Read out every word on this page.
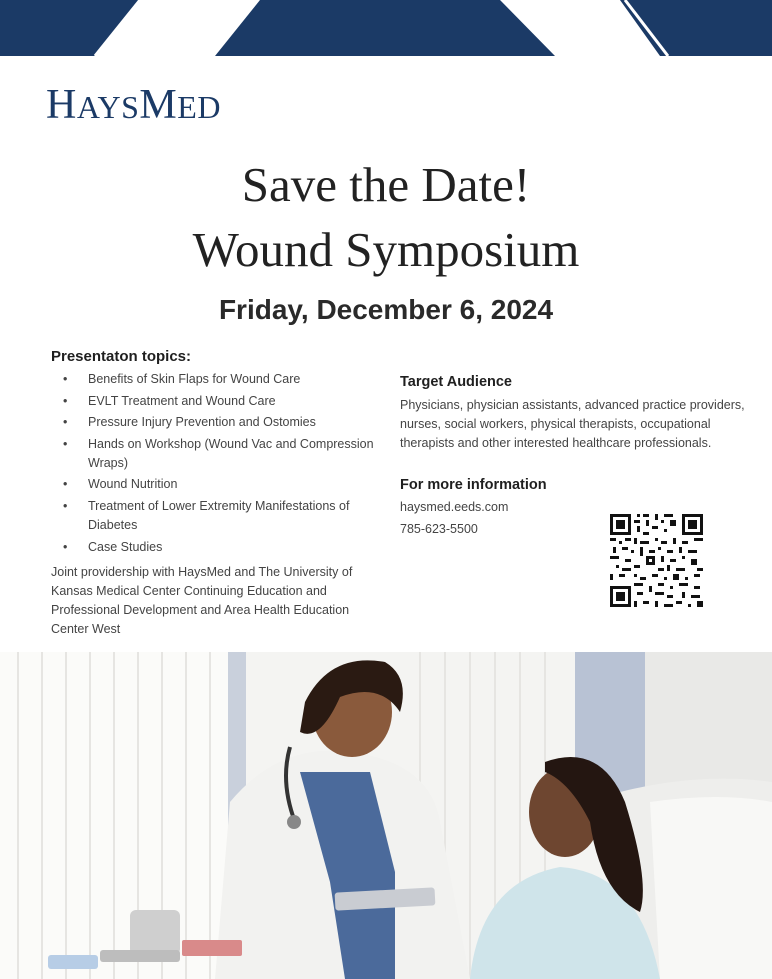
HAYSMED
Save the Date!
Wound Symposium
Friday, December 6, 2024
Presentaton topics:
• Benefits of Skin Flaps for Wound Care
• EVLT Treatment and Wound Care
• Pressure Injury Prevention and Ostomies
• Hands on Workshop (Wound Vac and Compression Wraps)
• Wound Nutrition
• Treatment of Lower Extremity Manifestations of Diabetes
• Case Studies
Joint providership with HaysMed and The University of Kansas Medical Center Continuing Education and Professional Development and Area Health Education Center West
Target Audience
Physicians, physician assistants, advanced practice providers, nurses, social workers, physical therapists, occupational therapists and other interested healthcare professionals.
For more information
haysmed.eeds.com
785-623-5500
